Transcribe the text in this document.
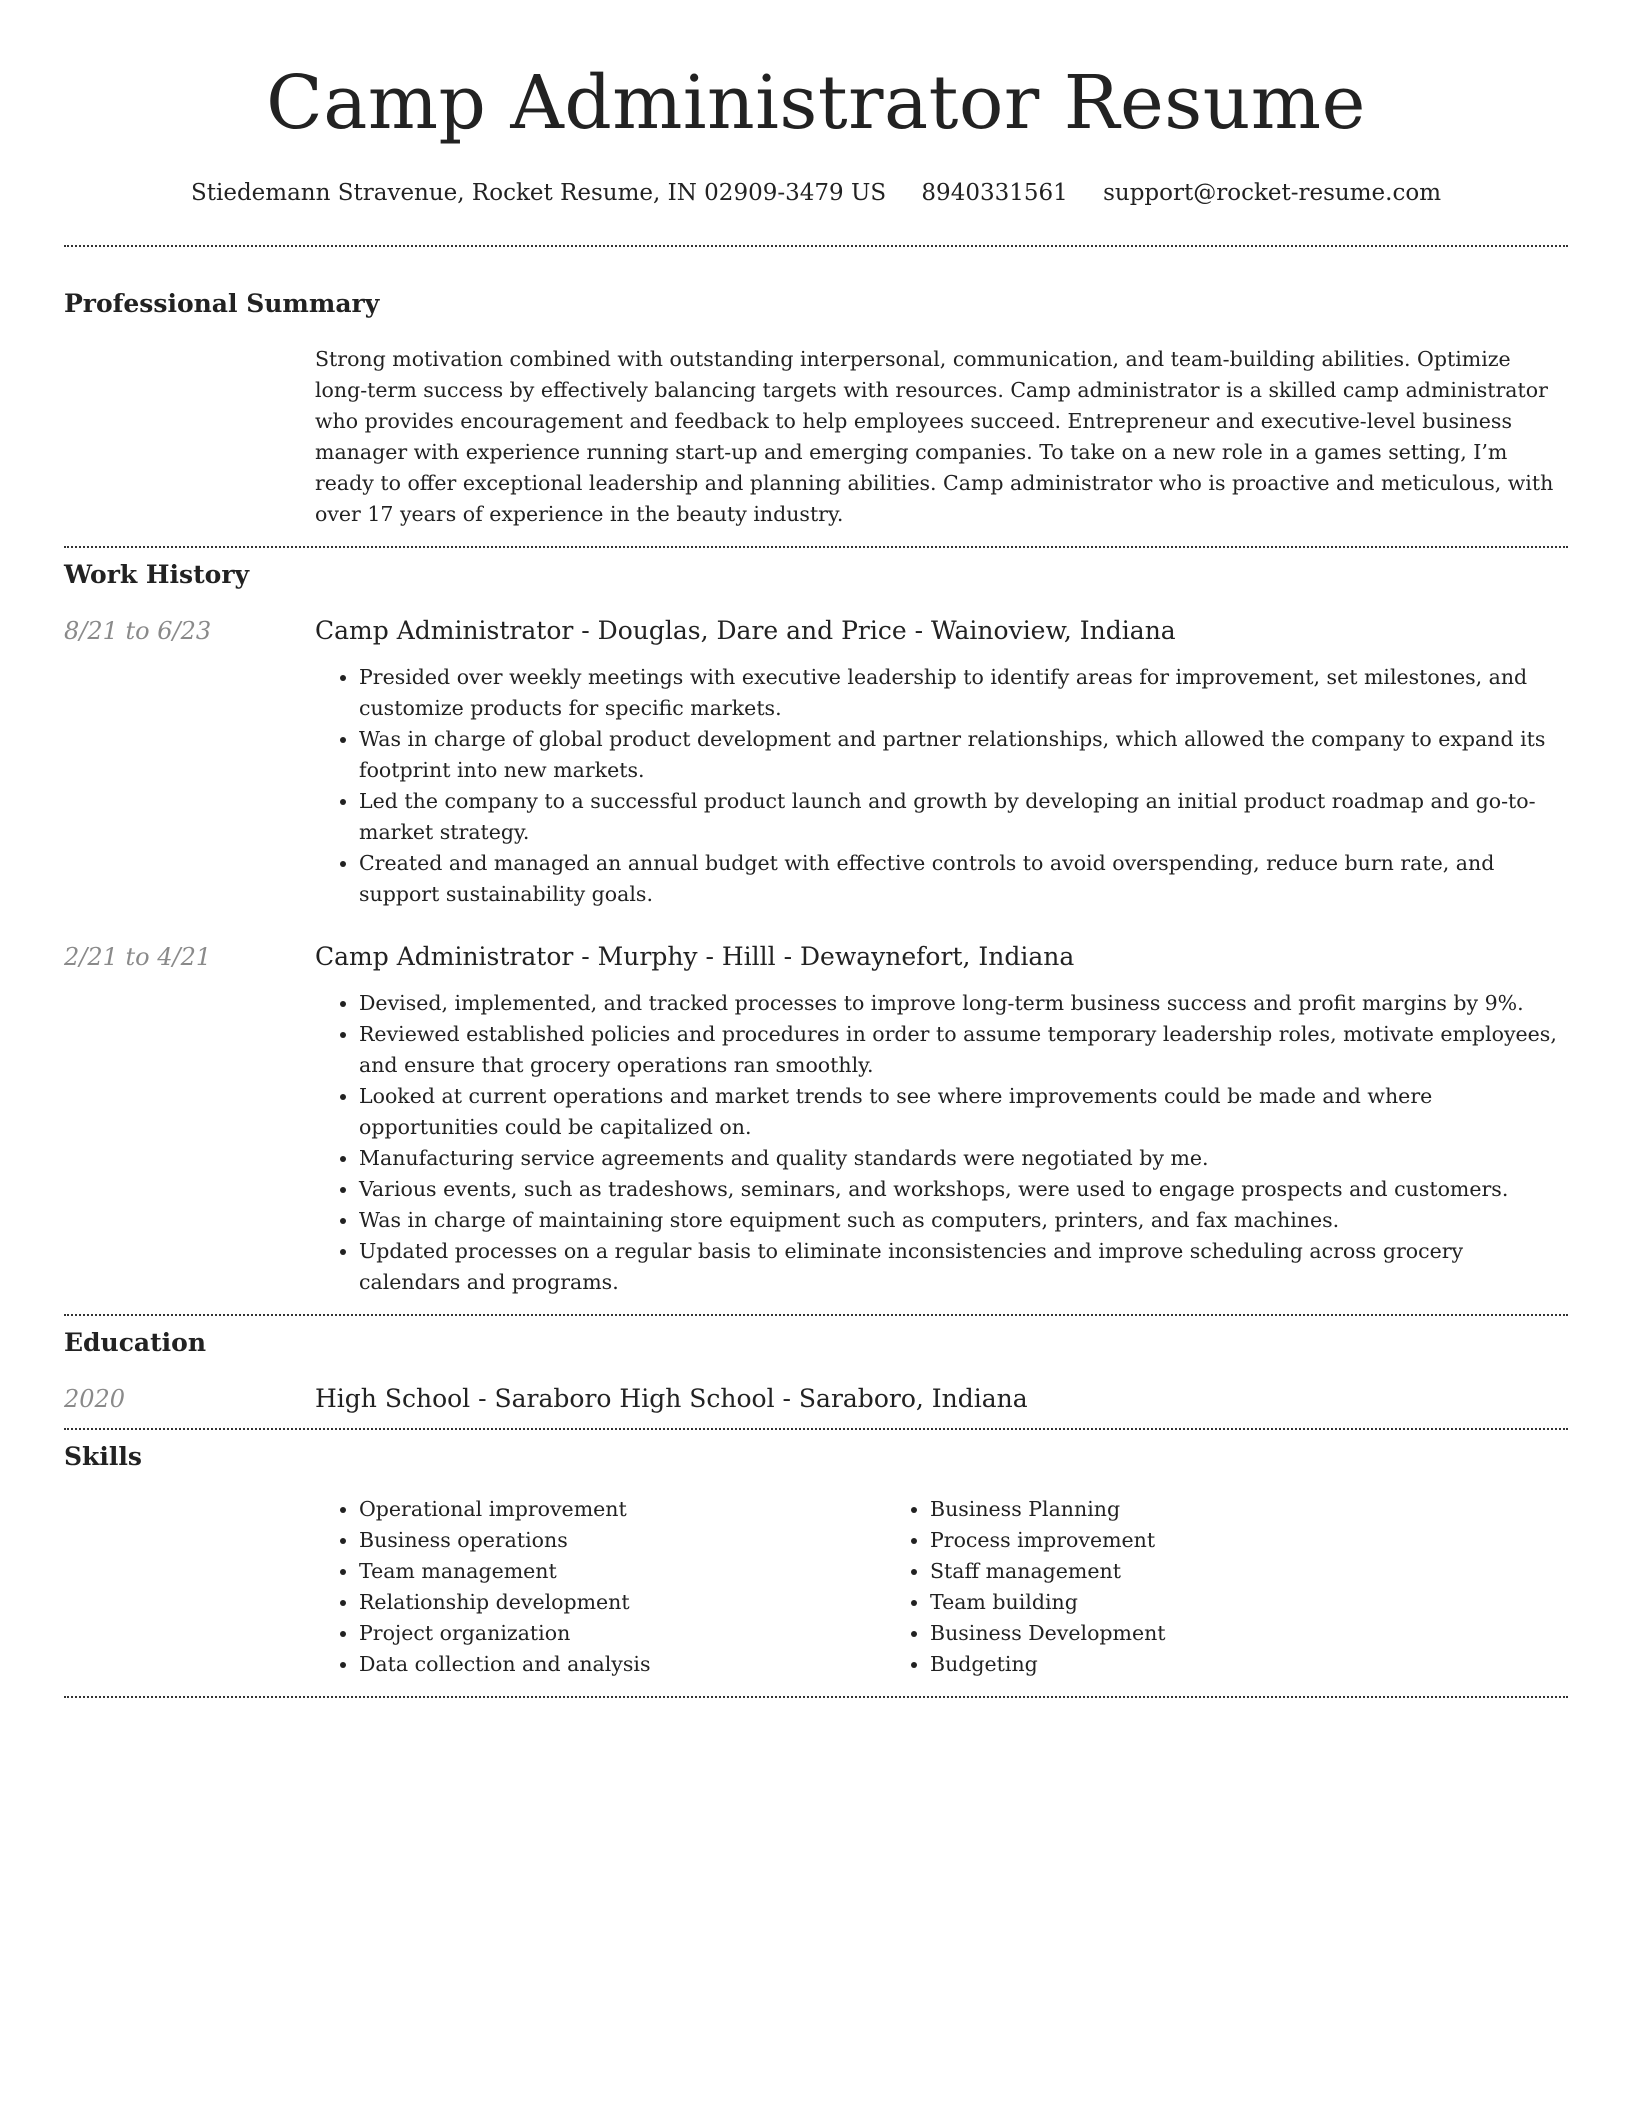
Camp Administrator Resume
Stiedemann Stravenue, Rocket Resume, IN 02909-3479 US 8940331561 support@rocket-resume.com
Professional Summary

Strong motivation combined with outstanding interpersonal, communication, and team-building abilities. Optimize long-term success by effectively balancing targets with resources. Camp administrator is a skilled camp administrator who provides encouragement and feedback to help employees succeed. Entrepreneur and executive-level business manager with experience running start-up and emerging companies. To take on a new role in a games setting, I’m ready to offer exceptional leadership and planning abilities. Camp administrator who is proactive and meticulous, with over 17 years of experience in the beauty industry.

Work History
8/21 to 6/23	Camp Administrator - Douglas, Dare and Price - Wainoview, Indiana
• Presided over weekly meetings with executive leadership to identify areas for improvement, set milestones, and customize products for specific markets.
• Was in charge of global product development and partner relationships, which allowed the company to expand its footprint into new markets.
• Led the company to a successful product launch and growth by developing an initial product roadmap and go-to-market strategy.
• Created and managed an annual budget with effective controls to avoid overspending, reduce burn rate, and support sustainability goals.
2/21 to 4/21	Camp Administrator - Murphy - Hilll - Dewaynefort, Indiana
• Devised, implemented, and tracked processes to improve long-term business success and profit margins by 9%.
• Reviewed established policies and procedures in order to assume temporary leadership roles, motivate employees, and ensure that grocery operations ran smoothly.
• Looked at current operations and market trends to see where improvements could be made and where opportunities could be capitalized on.
• Manufacturing service agreements and quality standards were negotiated by me.
• Various events, such as tradeshows, seminars, and workshops, were used to engage prospects and customers.
• Was in charge of maintaining store equipment such as computers, printers, and fax machines.
• Updated processes on a regular basis to eliminate inconsistencies and improve scheduling across grocery calendars and programs.
Education
2020	High School - Saraboro High School - Saraboro, Indiana
Skills
• Operational improvement
• Business operations
• Team management
• Relationship development
• Project organization
• Data collection and analysis
• Business Planning
• Process improvement
• Staff management
• Team building
• Business Development
• Budgeting
